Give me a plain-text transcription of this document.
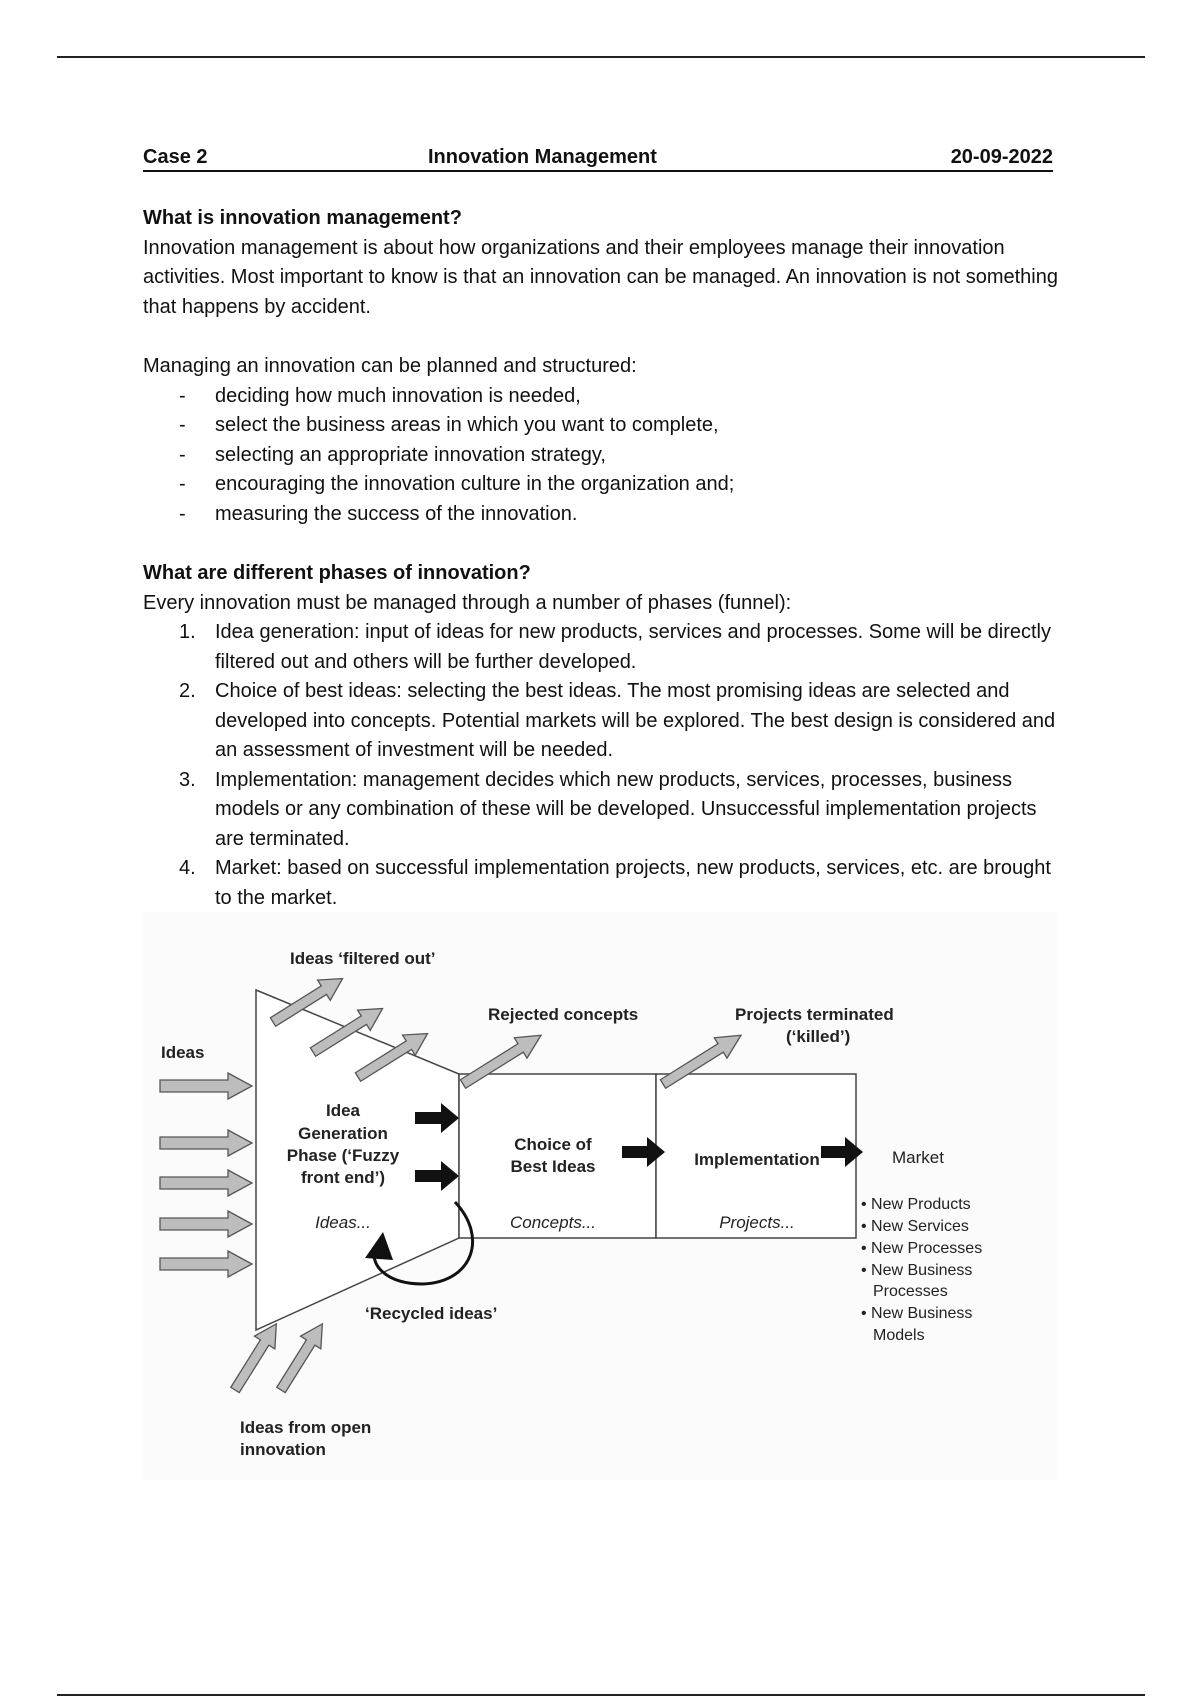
Case 2	Innovation Management	20-09-2022
What is innovation management?

Innovation management is about how organizations and their employees manage their innovation activities. Most important to know is that an innovation can be managed. An innovation is not something that happens by accident.

Managing an innovation can be planned and structured:

- deciding how much innovation is needed,
- select the business areas in which you want to complete,
- selecting an appropriate innovation strategy,
- encouraging the innovation culture in the organization and;
- measuring the success of the innovation.
What are different phases of innovation?

Every innovation must be managed through a number of phases (funnel):

1. Idea generation: input of ideas for new products, services and processes. Some will be directly filtered out and others will be further developed.
2. Choice of best ideas: selecting the best ideas. The most promising ideas are selected and developed into concepts. Potential markets will be explored. The best design is considered and an assessment of investment will be needed.
3. Implementation: management decides which new products, services, processes, business models or any combination of these will be developed. Unsuccessful implementation projects are terminated.
4. Market: based on successful implementation projects, new products, services, etc. are brought to the market.
Ideas
Ideas ‘filtered out’
Rejected concepts	Projects terminated
(‘killed’)
Idea
Generation
Phase (‘Fuzzy
front end’)
Ideas...
Choice of
Best Ideas
Concepts...
Implementation
Projects...
Market
• New Products
• New Services
• New Processes
• New Business
Processes
• New Business
Models
‘Recycled ideas’
Ideas from open
innovation
